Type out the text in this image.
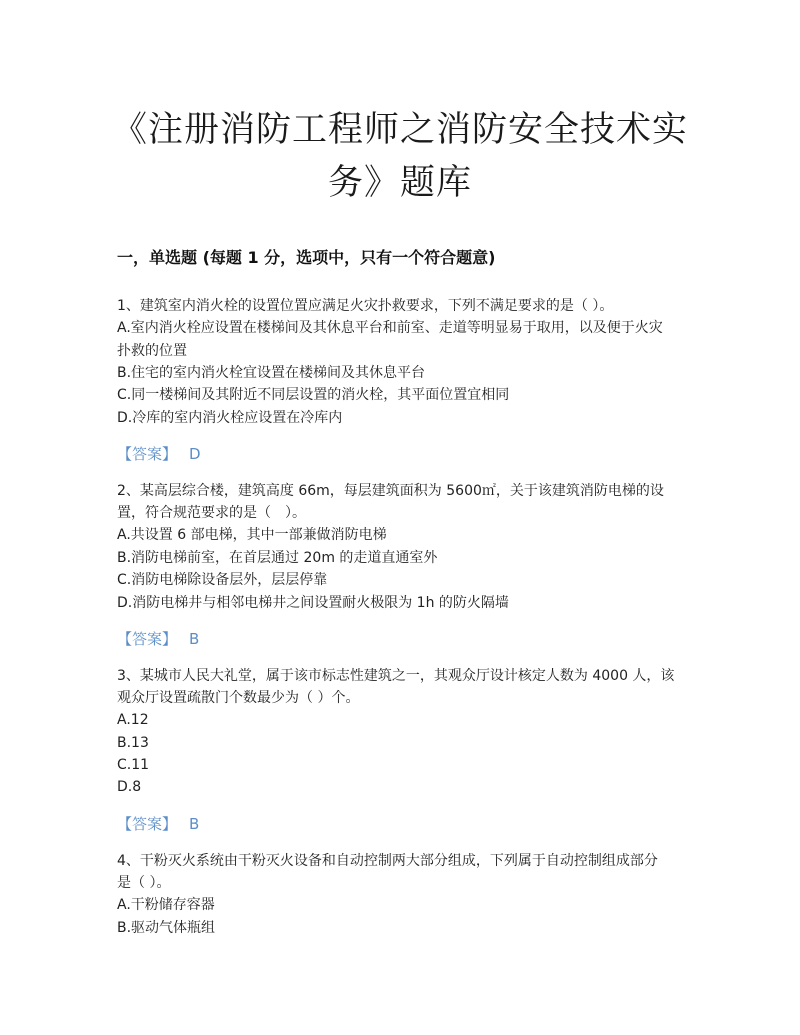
《注册消防工程师之消防安全技术实
务》题库
一，单选题 (每题 1 分，选项中，只有一个符合题意)
1、建筑室内消火栓的设置位置应满足火灾扑救要求，下列不满足要求的是（ ）。
A.室内消火栓应设置在楼梯间及其休息平台和前室、走道等明显易于取用，以及便于火灾
扑救的位置
B.住宅的室内消火栓宜设置在楼梯间及其休息平台
C.同一楼梯间及其附近不同层设置的消火栓，其平面位置宜相同
D.冷库的室内消火栓应设置在冷库内
【答案】 D
2、某高层综合楼，建筑高度 66m，每层建筑面积为 5600㎡，关于该建筑消防电梯的设
置，符合规范要求的是（　）。
A.共设置 6 部电梯，其中一部兼做消防电梯
B.消防电梯前室，在首层通过 20m 的走道直通室外
C.消防电梯除设备层外，层层停靠
D.消防电梯井与相邻电梯井之间设置耐火极限为 1h 的防火隔墙
【答案】 B
3、某城市人民大礼堂，属于该市标志性建筑之一，其观众厅设计核定人数为 4000 人，该
观众厅设置疏散门个数最少为（ ）个。
A.12
B.13
C.11
D.8
【答案】 B
4、干粉灭火系统由干粉灭火设备和自动控制两大部分组成，下列属于自动控制组成部分
是（ ）。
A.干粉储存容器
B.驱动气体瓶组
